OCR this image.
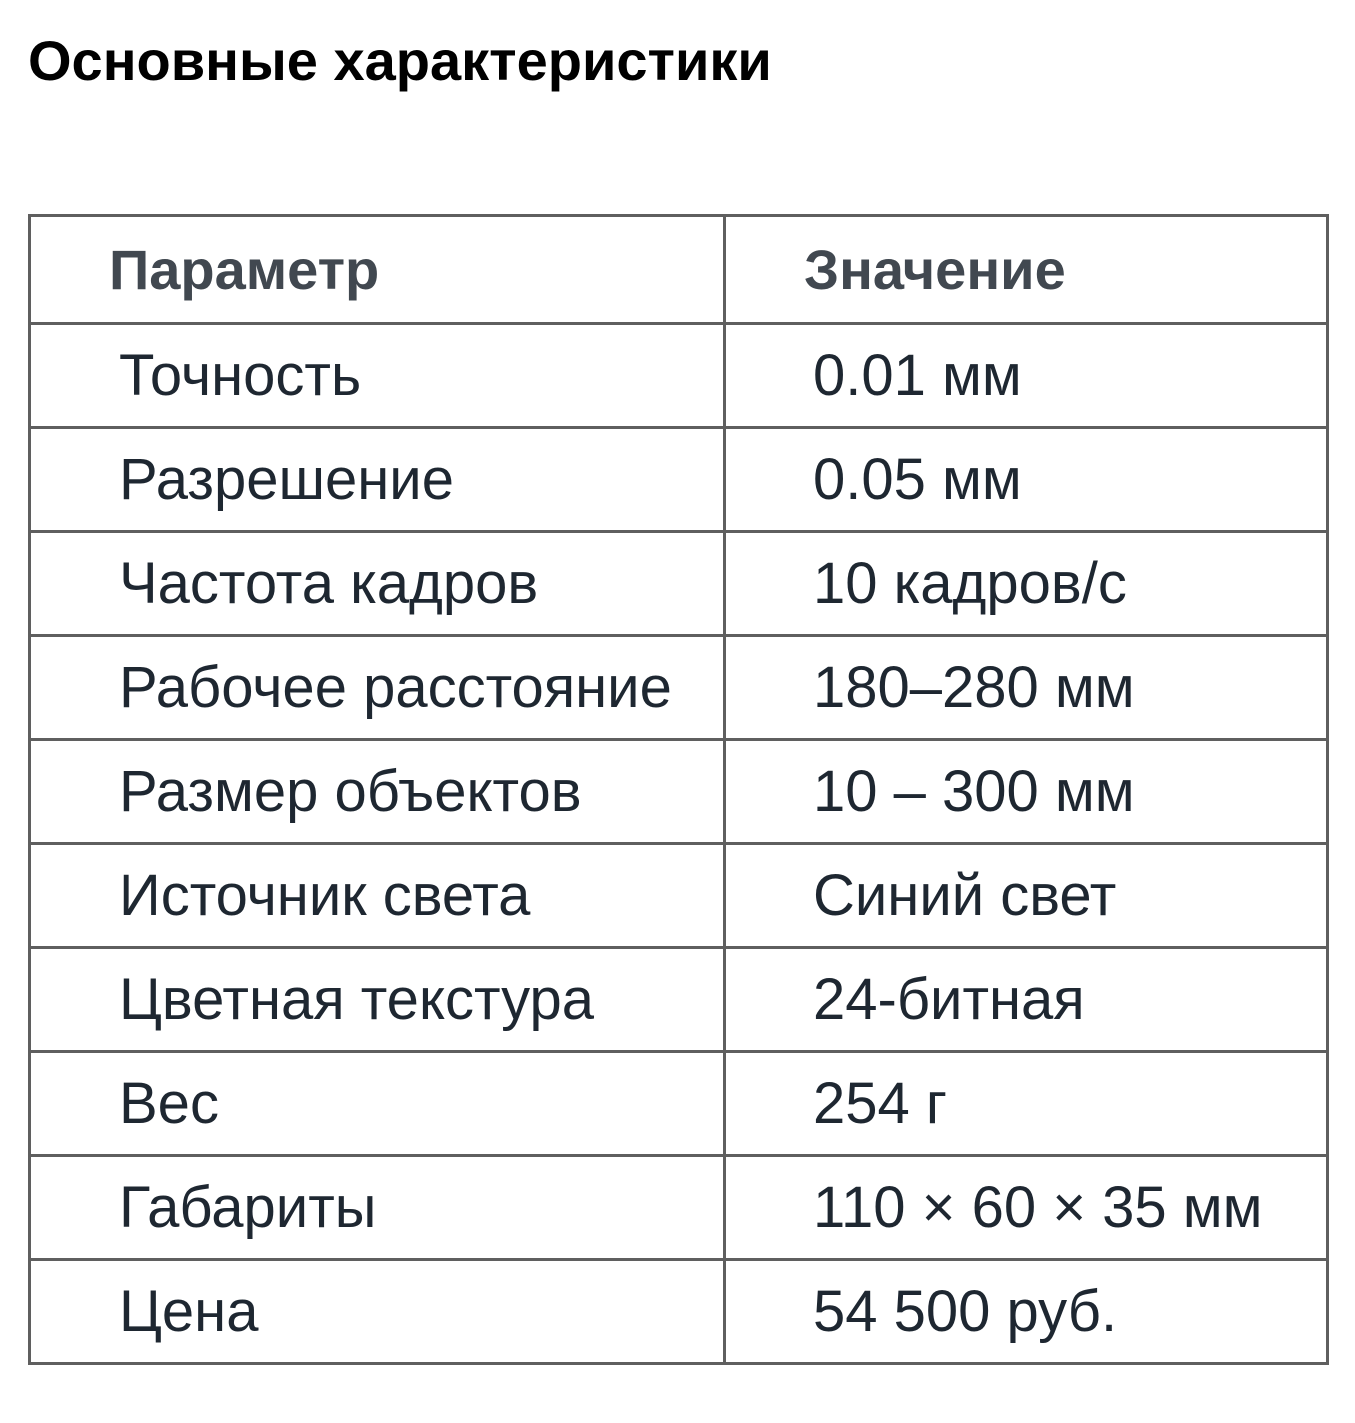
Основные характеристики
Параметр	Значение
Точность	0.01 мм
Разрешение	0.05 мм
Частота кадров	10 кадров/с
Рабочее расстояние	180–280 мм
Размер объектов	10 – 300 мм
Источник света	Синий свет
Цветная текстура	24-битная
Вес	254 г
Габариты	110 × 60 × 35 мм
Цена	54 500 руб.
